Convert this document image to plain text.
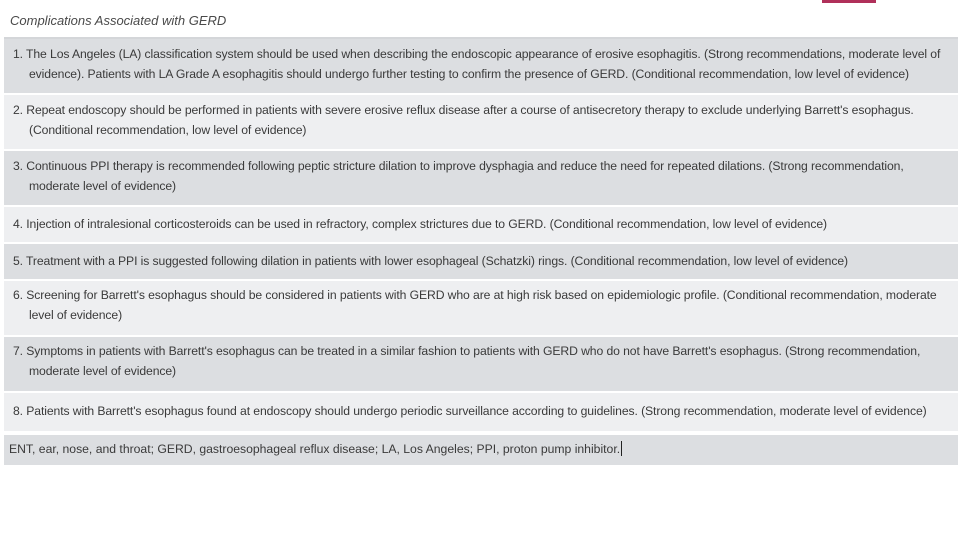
Complications Associated with GERD
1. The Los Angeles (LA) classification system should be used when describing the endoscopic appearance of erosive esophagitis. (Strong recommendations, moderate level of evidence). Patients with LA Grade A esophagitis should undergo further testing to confirm the presence of GERD. (Conditional recommendation, low level of evidence)
2. Repeat endoscopy should be performed in patients with severe erosive reflux disease after a course of antisecretory therapy to exclude underlying Barrett's esophagus. (Conditional recommendation, low level of evidence)
3. Continuous PPI therapy is recommended following peptic stricture dilation to improve dysphagia and reduce the need for repeated dilations. (Strong recommendation, moderate level of evidence)
4. Injection of intralesional corticosteroids can be used in refractory, complex strictures due to GERD. (Conditional recommendation, low level of evidence)
5. Treatment with a PPI is suggested following dilation in patients with lower esophageal (Schatzki) rings. (Conditional recommendation, low level of evidence)
6. Screening for Barrett's esophagus should be considered in patients with GERD who are at high risk based on epidemiologic profile. (Conditional recommendation, moderate level of evidence)
7. Symptoms in patients with Barrett's esophagus can be treated in a similar fashion to patients with GERD who do not have Barrett's esophagus. (Strong recommendation, moderate level of evidence)
8. Patients with Barrett's esophagus found at endoscopy should undergo periodic surveillance according to guidelines. (Strong recommendation, moderate level of evidence)
ENT, ear, nose, and throat; GERD, gastroesophageal reflux disease; LA, Los Angeles; PPI, proton pump inhibitor.
